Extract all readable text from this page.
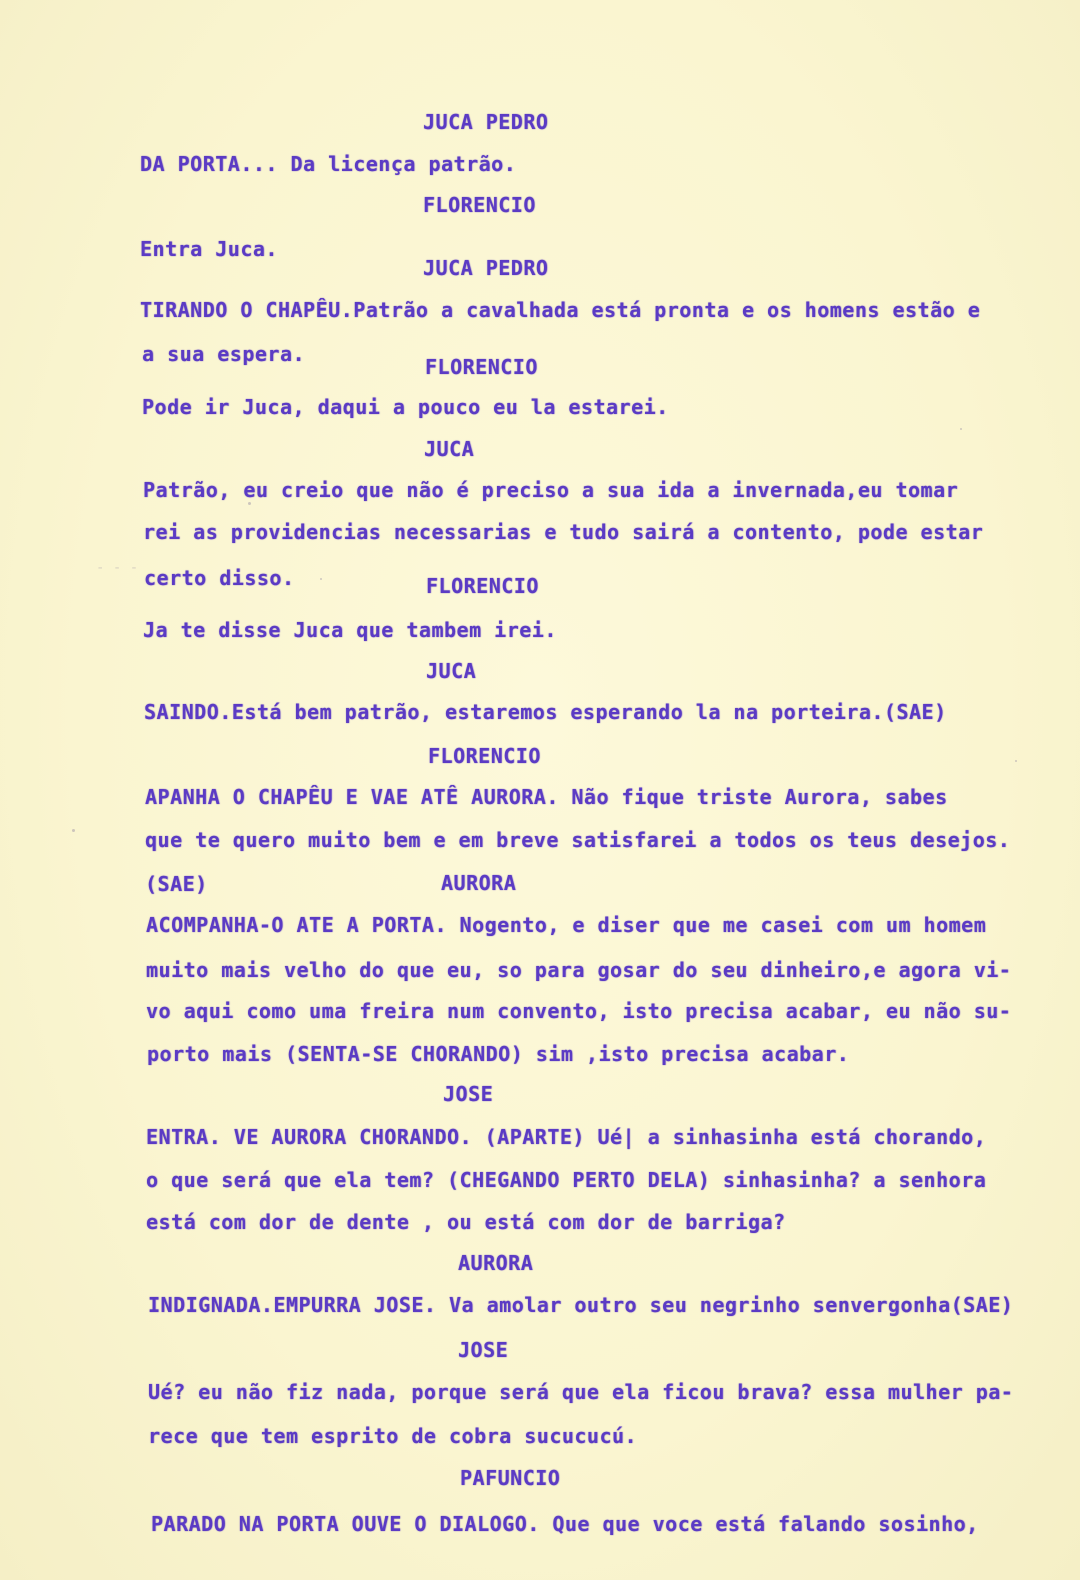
JUCA PEDRO
DA PORTA... Da licença patrão.
FLORENCIO
Entra Juca.
JUCA PEDRO
TIRANDO O CHAPÊU.Patrão a cavalhada está pronta e os homens estão e
a sua espera.
FLORENCIO
Pode ir Juca, daqui a pouco eu la estarei.
JUCA
Patrão, eu creio que não é preciso a sua ida a invernada,eu tomar
rei as providencias necessarias e tudo sairá a contento, pode estar
certo disso.	FLORENCIO
Ja te disse Juca que tambem irei.
JUCA
SAINDO.Está bem patrão, estaremos esperando la na porteira.(SAE)
FLORENCIO
APANHA O CHAPÊU E VAE ATÊ AURORA. Não fique triste Aurora, sabes
que te quero muito bem e em breve satisfarei a todos os teus desejos.
(SAE)	AURORA
ACOMPANHA-O ATE A PORTA. Nogento, e diser que me casei com um homem
muito mais velho do que eu, so para gosar do seu dinheiro,e agora vi-
vo aqui como uma freira num convento, isto precisa acabar, eu não su-
porto mais (SENTA-SE CHORANDO) sim ,isto precisa acabar.
JOSE
ENTRA. VE AURORA CHORANDO. (APARTE) Ué| a sinhasinha está chorando,
o que será que ela tem? (CHEGANDO PERTO DELA) sinhasinha? a senhora
está com dor de dente , ou está com dor de barriga?
AURORA
INDIGNADA.EMPURRA JOSE. Va amolar outro seu negrinho senvergonha(SAE)
JOSE
Ué? eu não fiz nada, porque será que ela ficou brava? essa mulher pa-
rece que tem esprito de cobra sucucucú.
PAFUNCIO
PARADO NA PORTA OUVE O DIALOGO. Que que voce está falando sosinho,
- - -
